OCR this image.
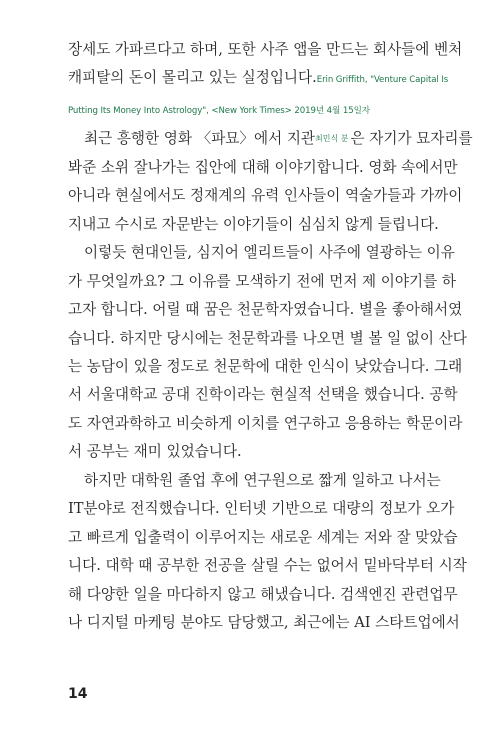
장세도 가파르다고 하며, 또한 사주 앱을 만드는 회사들에 벤처
캐피탈의 돈이 몰리고 있는 실정입니다.Erin Griffith, "Venture Capital Is
Putting Its Money Into Astrology", <New York Times> 2019년 4월 15일자
최근 흥행한 영화 〈파묘〉에서 지관최민식 분 은 자기가 묘자리를
봐준 소위 잘나가는 집안에 대해 이야기합니다. 영화 속에서만
아니라 현실에서도 정재계의 유력 인사들이 역술가들과 가까이
지내고 수시로 자문받는 이야기들이 심심치 않게 들립니다.
이렇듯 현대인들, 심지어 엘리트들이 사주에 열광하는 이유
가 무엇일까요? 그 이유를 모색하기 전에 먼저 제 이야기를 하
고자 합니다. 어릴 때 꿈은 천문학자였습니다. 별을 좋아해서였
습니다. 하지만 당시에는 천문학과를 나오면 별 볼 일 없이 산다
는 농담이 있을 정도로 천문학에 대한 인식이 낮았습니다. 그래
서 서울대학교 공대 진학이라는 현실적 선택을 했습니다. 공학
도 자연과학하고 비슷하게 이치를 연구하고 응용하는 학문이라
서 공부는 재미 있었습니다.
하지만 대학원 졸업 후에 연구원으로 짧게 일하고 나서는
IT분야로 전직했습니다. 인터넷 기반으로 대량의 정보가 오가
고 빠르게 입출력이 이루어지는 새로운 세계는 저와 잘 맞았습
니다. 대학 때 공부한 전공을 살릴 수는 없어서 밑바닥부터 시작
해 다양한 일을 마다하지 않고 해냈습니다. 검색엔진 관련업무
나 디지털 마케팅 분야도 담당했고, 최근에는 AI 스타트업에서
14
